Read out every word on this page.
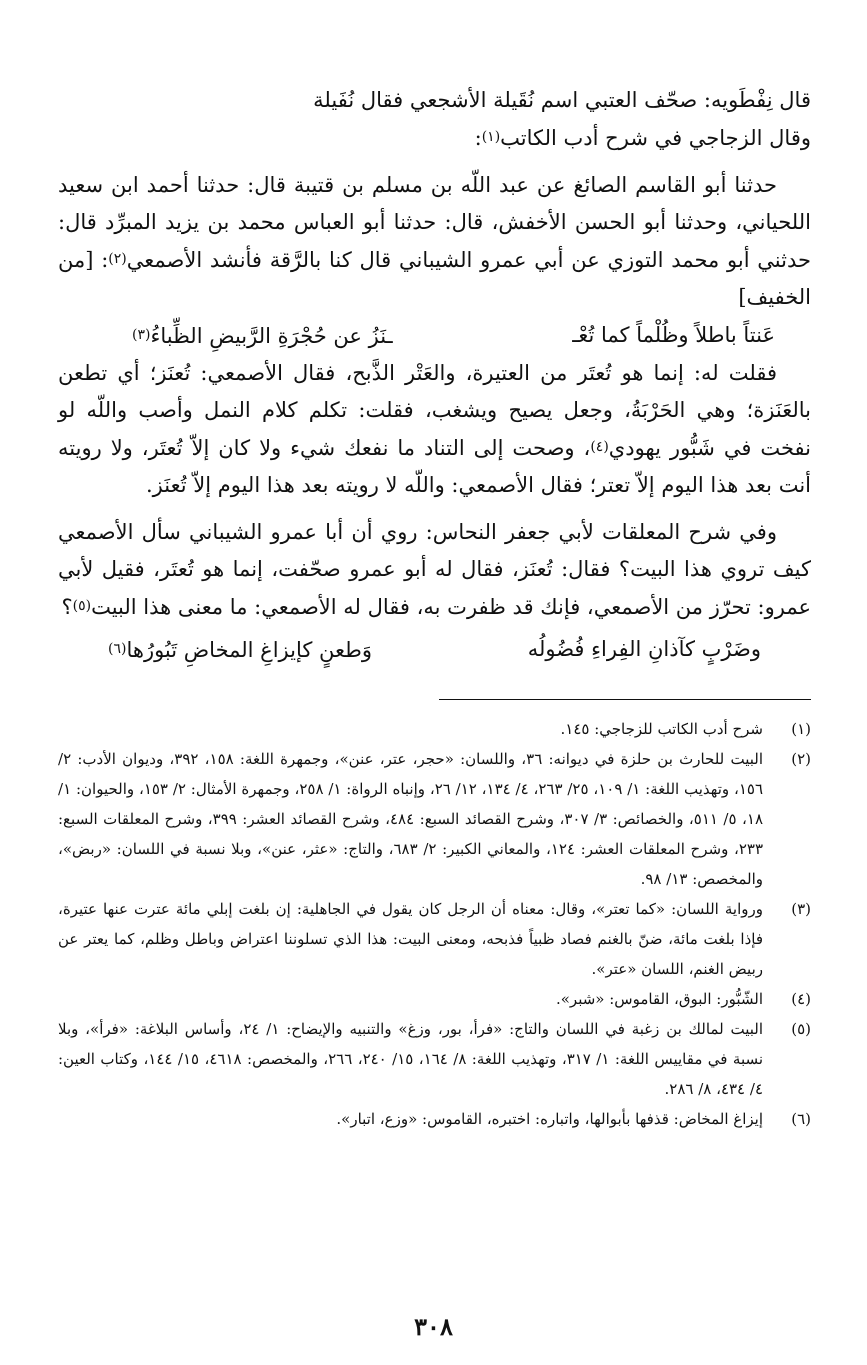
قال نِفْطَويه: صحّف العتبي اسم نُقَيلة الأشجعي فقال نُفَيلة

وقال الزجاجي في شرح أدب الكاتب$^{(١)}$:

حدثنا أبو القاسم الصائغ عن عبد اللّه بن مسلم بن قتيبة قال: حدثنا أحمد ابن سعيد اللحياني، وحدثنا أبو الحسن الأخفش، قال: حدثنا أبو العباس محمد بن يزيد المبرِّد قال: حدثني أبو محمد التوزي عن أبي عمرو الشيباني قال كنا بالرَّقة فأنشد الأصمعي$^{(٢)}$: [من الخفيف]

عَنتاً باطلاً وظُلْماً كما تُعْـ
ـنَزُ عن حُجْرَةِ الرَّبيضِ الظِّباءُ$^{(٣)}$

فقلت له: إنما هو تُعتَر من العتيرة، والعَتْر الذَّبح، فقال الأصمعي: تُعنَز؛ أي تطعن بالعَنَزة؛ وهي الحَرْبَةُ، وجعل يصيح ويشغب، فقلت: تكلم كلام النمل وأصب واللّه لو نفخت في شَبُّور يهودي$^{(٤)}$، وصحت إلى التناد ما نفعك شيء ولا كان إلاّ تُعتَر، ولا رويته أنت بعد هذا اليوم إلاّ تعتر؛ فقال الأصمعي: واللّه لا رويته بعد هذا اليوم إلاّ تُعنَز.

وفي شرح المعلقات لأبي جعفر النحاس: روي أن أبا عمرو الشيباني سأل الأصمعي كيف تروي هذا البيت؟ فقال: تُعنَز، فقال له أبو عمرو صحّفت، إنما هو تُعتَر، فقيل لأبي عمرو: تحرّز من الأصمعي، فإنك قد ظفرت به، فقال له الأصمعي: ما معنى هذا البيت$^{(٥)}$؟

وضَرْبٍ كآذانِ الفِراءِ فُضُولُه
وَطعنٍ كإيزاغِ المخاضِ تَبُورُها$^{(٦)}$
(١)
شرح أدب الكاتب للزجاجي: ١٤٥.
(٢)
البيت للحارث بن حلزة في ديوانه: ٣٦، واللسان: «حجر، عتر، عنن»، وجمهرة اللغة: ١٥٨، ٣٩٢، وديوان الأدب: ٢/ ١٥٦، وتهذيب اللغة: ١/ ١٠٩، ٢٥/ ٢٦٣، ٤/ ١٣٤، ١٢/ ٢٦، وإنباه الرواة: ١/ ٢٥٨، وجمهرة الأمثال: ٢/ ١٥٣، والحيوان: ١/ ١٨، ٥/ ٥١١، والخصائص: ٣/ ٣٠٧، وشرح القصائد السبع: ٤٨٤، وشرح القصائد العشر: ٣٩٩، وشرح المعلقات السبع: ٢٣٣، وشرح المعلقات العشر: ١٢٤، والمعاني الكبير: ٢/ ٦٨٣، والتاج: «عثر، عنن»، وبلا نسبة في اللسان: «ربض»، والمخصص: ١٣/ ٩٨.
(٣)
ورواية اللسان: «كما تعتر»، وقال: معناه أن الرجل كان يقول في الجاهلية: إن بلغت إبلي مائة عترت عنها عتيرة، فإذا بلغت مائة، ضنّ بالغنم فصاد ظبياً فذبحه، ومعنى البيت: هذا الذي تسلوننا اعتراض وباطل وظلم، كما يعتر عن ربيض الغنم، اللسان «عتر».
(٤)
الشّبُّور: البوق، القاموس: «شبر».
(٥)
البيت لمالك بن زغبة في اللسان والتاج: «فرأ، بور، وزغ» والتنبيه والإيضاح: ١/ ٢٤، وأساس البلاغة: «فرأ»، وبلا نسبة في مقاييس اللغة: ١/ ٣١٧، وتهذيب اللغة: ٨/ ١٦٤، ١٥/ ٢٤٠، ٢٦٦، والمخصص: ٤٦١٨، ١٥/ ١٤٤، وكتاب العين: ٤/ ٤٣٤، ٨/ ٢٨٦.
(٦)
إيزاغ المخاض: قذفها بأبوالها، واتباره: اختبره، القاموس: «وزع، اتبار».
٣٠٨
